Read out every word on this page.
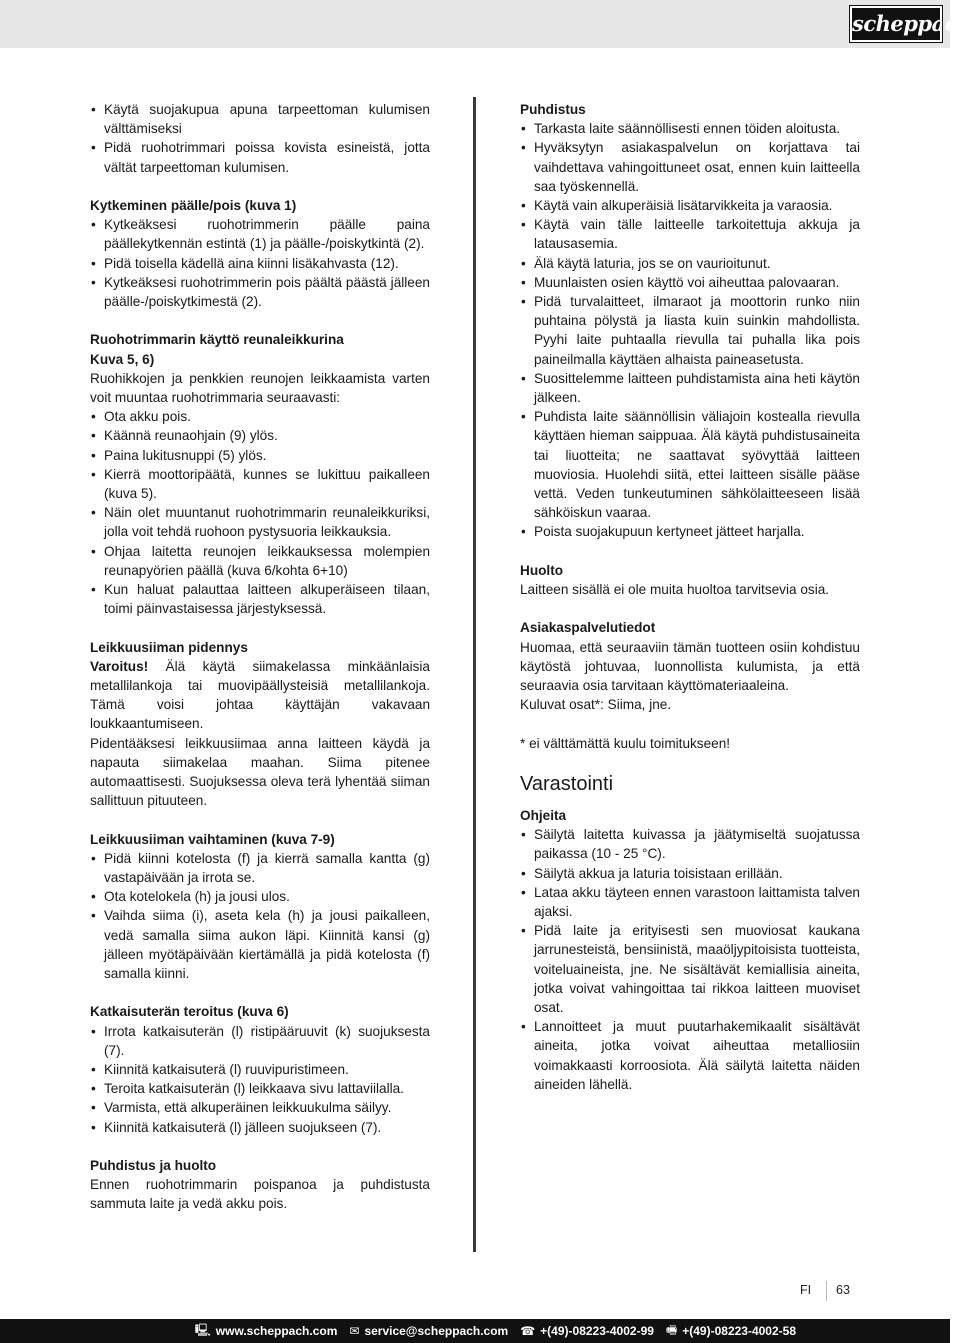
scheppach
• Käytä suojakupua apuna tarpeettoman kulumisen välttämiseksi
• Pidä ruohotrimmari poissa kovista esineistä, jotta vältät tarpeettoman kulumisen.
Kytkeminen päälle/pois (kuva 1)
• Kytkeäksesi ruohotrimmerin päälle paina päällekytkennän estintä (1) ja päälle-/poiskytkintä (2).
• Pidä toisella kädellä aina kiinni lisäkahvasta (12).
• Kytkeäksesi ruohotrimmerin pois päältä päästä jälleen päälle-/poiskytkimestä (2).
Ruohotrimmarin käyttö reunaleikkurina
Kuva 5, 6)

Ruohikkojen ja penkkien reunojen leikkaamista varten voit muuntaa ruohotrimmaria seuraavasti:

• Ota akku pois.
• Käännä reunaohjain (9) ylös.
• Paina lukitusnuppi (5) ylös.
• Kierrä moottoripäätä, kunnes se lukittuu paikalleen (kuva 5).
• Näin olet muuntanut ruohotrimmarin reunaleikkuriksi, jolla voit tehdä ruohoon pystysuoria leikkauksia.
• Ohjaa laitetta reunojen leikkauksessa molempien reunapyörien päällä (kuva 6/kohta 6+10)
• Kun haluat palauttaa laitteen alkuperäiseen tilaan, toimi päinvastaisessa järjestyksessä.
Leikkuusiiman pidennys

Varoitus! Älä käytä siimakelassa minkäänlaisia metallilankoja tai muovipäällysteisiä metallilankoja. Tämä voisi johtaa käyttäjän vakavaan loukkaantumiseen.

Pidentääksesi leikkuusiimaa anna laitteen käydä ja napauta siimakelaa maahan. Siima pitenee automaattisesti. Suojuksessa oleva terä lyhentää siiman sallittuun pituuteen.

Leikkuusiiman vaihtaminen (kuva 7-9)
• Pidä kiinni kotelosta (f) ja kierrä samalla kantta (g) vastapäivään ja irrota se.
• Ota kotelokela (h) ja jousi ulos.
• Vaihda siima (i), aseta kela (h) ja jousi paikalleen, vedä samalla siima aukon läpi. Kiinnitä kansi (g) jälleen myötäpäivään kiertämällä ja pidä kotelosta (f) samalla kiinni.
Katkaisuterän teroitus (kuva 6)
• Irrota katkaisuterän (l) ristipääruuvit (k) suojuksesta (7).
• Kiinnitä katkaisuterä (l) ruuvipuristimeen.
• Teroita katkaisuterän (l) leikkaava sivu lattaviilalla.
• Varmista, että alkuperäinen leikkuukulma säilyy.
• Kiinnitä katkaisuterä (l) jälleen suojukseen (7).
Puhdistus ja huolto

Ennen ruohotrimmarin poispanoa ja puhdistusta sammuta laite ja vedä akku pois.

Puhdistus
• Tarkasta laite säännöllisesti ennen töiden aloitusta.
• Hyväksytyn asiakaspalvelun on korjattava tai vaihdettava vahingoittuneet osat, ennen kuin laitteella saa työskennellä.
• Käytä vain alkuperäisiä lisätarvikkeita ja varaosia.
• Käytä vain tälle laitteelle tarkoitettuja akkuja ja latausasemia.
• Älä käytä laturia, jos se on vaurioitunut.
• Muunlaisten osien käyttö voi aiheuttaa palovaaran.
• Pidä turvalaitteet, ilmaraot ja moottorin runko niin puhtaina pölystä ja liasta kuin suinkin mahdollista. Pyyhi laite puhtaalla rievulla tai puhalla lika pois paineilmalla käyttäen alhaista paineasetusta.
• Suosittelemme laitteen puhdistamista aina heti käytön jälkeen.
• Puhdista laite säännöllisin väliajoin kostealla rievulla käyttäen hieman saippuaa. Älä käytä puhdistusaineita tai liuotteita; ne saattavat syövyttää laitteen muoviosia. Huolehdi siitä, ettei laitteen sisälle pääse vettä. Veden tunkeutuminen sähkölaitteeseen lisää sähköiskun vaaraa.
• Poista suojakupuun kertyneet jätteet harjalla.
Huolto

Laitteen sisällä ei ole muita huoltoa tarvitsevia osia.

Asiakaspalvelutiedot

Huomaa, että seuraaviin tämän tuotteen osiin kohdistuu käytöstä johtuvaa, luonnollista kulumista, ja että seuraavia osia tarvitaan käyttömateriaaleina.

Kuluvat osat*: Siima, jne.

* ei välttämättä kuulu toimitukseen!

Varastointi
Ohjeita
• Säilytä laitetta kuivassa ja jäätymiseltä suojatussa paikassa (10 - 25 °C).
• Säilytä akkua ja laturia toisistaan erillään.
• Lataa akku täyteen ennen varastoon laittamista talven ajaksi.
• Pidä laite ja erityisesti sen muoviosat kaukana jarrunesteistä, bensiinistä, maaöljypitoisista tuotteista, voiteluaineista, jne. Ne sisältävät kemiallisia aineita, jotka voivat vahingoittaa tai rikkoa laitteen muoviset osat.
• Lannoitteet ja muut puutarhakemikaalit sisältävät aineita, jotka voivat aiheuttaa metalliosiin voimakkaasti korroosiota. Älä säilytä laitetta näiden aineiden lähellä.
FI 63
🖳 www.scheppach.com ✉ service@scheppach.com ☎ +(49)-08223-4002-99 🖷 +(49)-08223-4002-58
